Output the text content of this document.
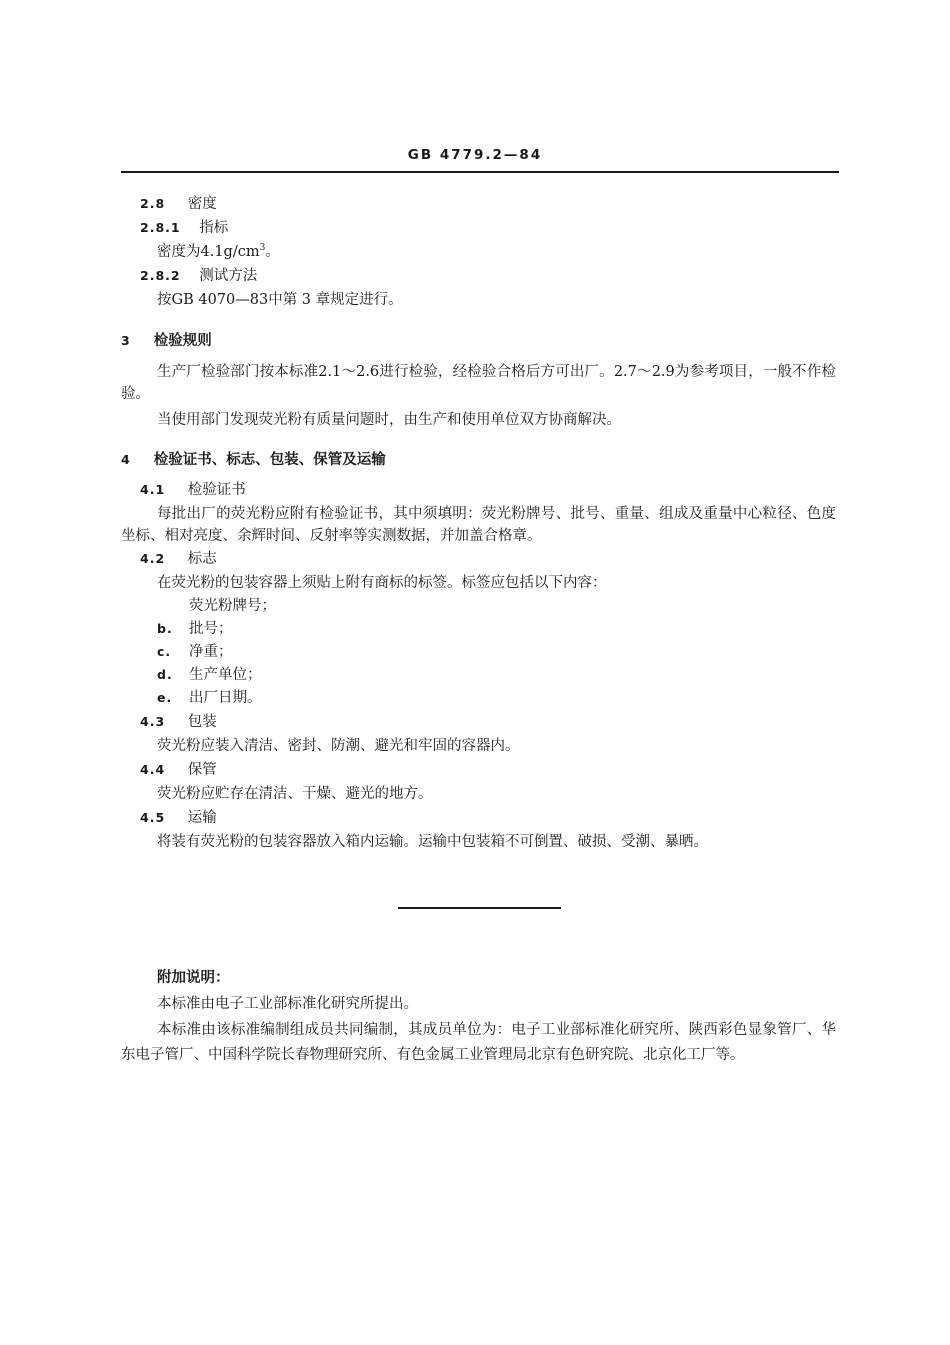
GB 4779.2—84
2.8 密度
2.8.1 指标
密度为$4.1g/cm^3$。
2.8.2 测试方法
按GB 4070—83中第 3 章规定进行。
3 检验规则
生产厂检验部门按本标准2.1～2.6进行检验，经检验合格后方可出厂。2.7～2.9为参考项目，一般不作检验。
当使用部门发现荧光粉有质量问题时，由生产和使用单位双方协商解决。
4 检验证书、标志、包装、保管及运输
4.1 检验证书
每批出厂的荧光粉应附有检验证书，其中须填明：荧光粉牌号、批号、重量、组成及重量中心粒径、色度坐标、相对亮度、余辉时间、反射率等实测数据，并加盖合格章。
4.2 标志
在荧光粉的包装容器上须贴上附有商标的标签。标签应包括以下内容：
荧光粉牌号；
b. 批号；
c. 净重；
d. 生产单位；
e. 出厂日期。
4.3 包装
荧光粉应装入清洁、密封、防潮、避光和牢固的容器内。
4.4 保管
荧光粉应贮存在清洁、干燥、避光的地方。
4.5 运输
将装有荧光粉的包装容器放入箱内运输。运输中包装箱不可倒置、破损、受潮、暴晒。
附加说明：
本标准由电子工业部标准化研究所提出。
本标准由该标准编制组成员共同编制，其成员单位为：电子工业部标准化研究所、陕西彩色显象管厂、华东电子管厂、中国科学院长春物理研究所、有色金属工业管理局北京有色研究院、北京化工厂等。
